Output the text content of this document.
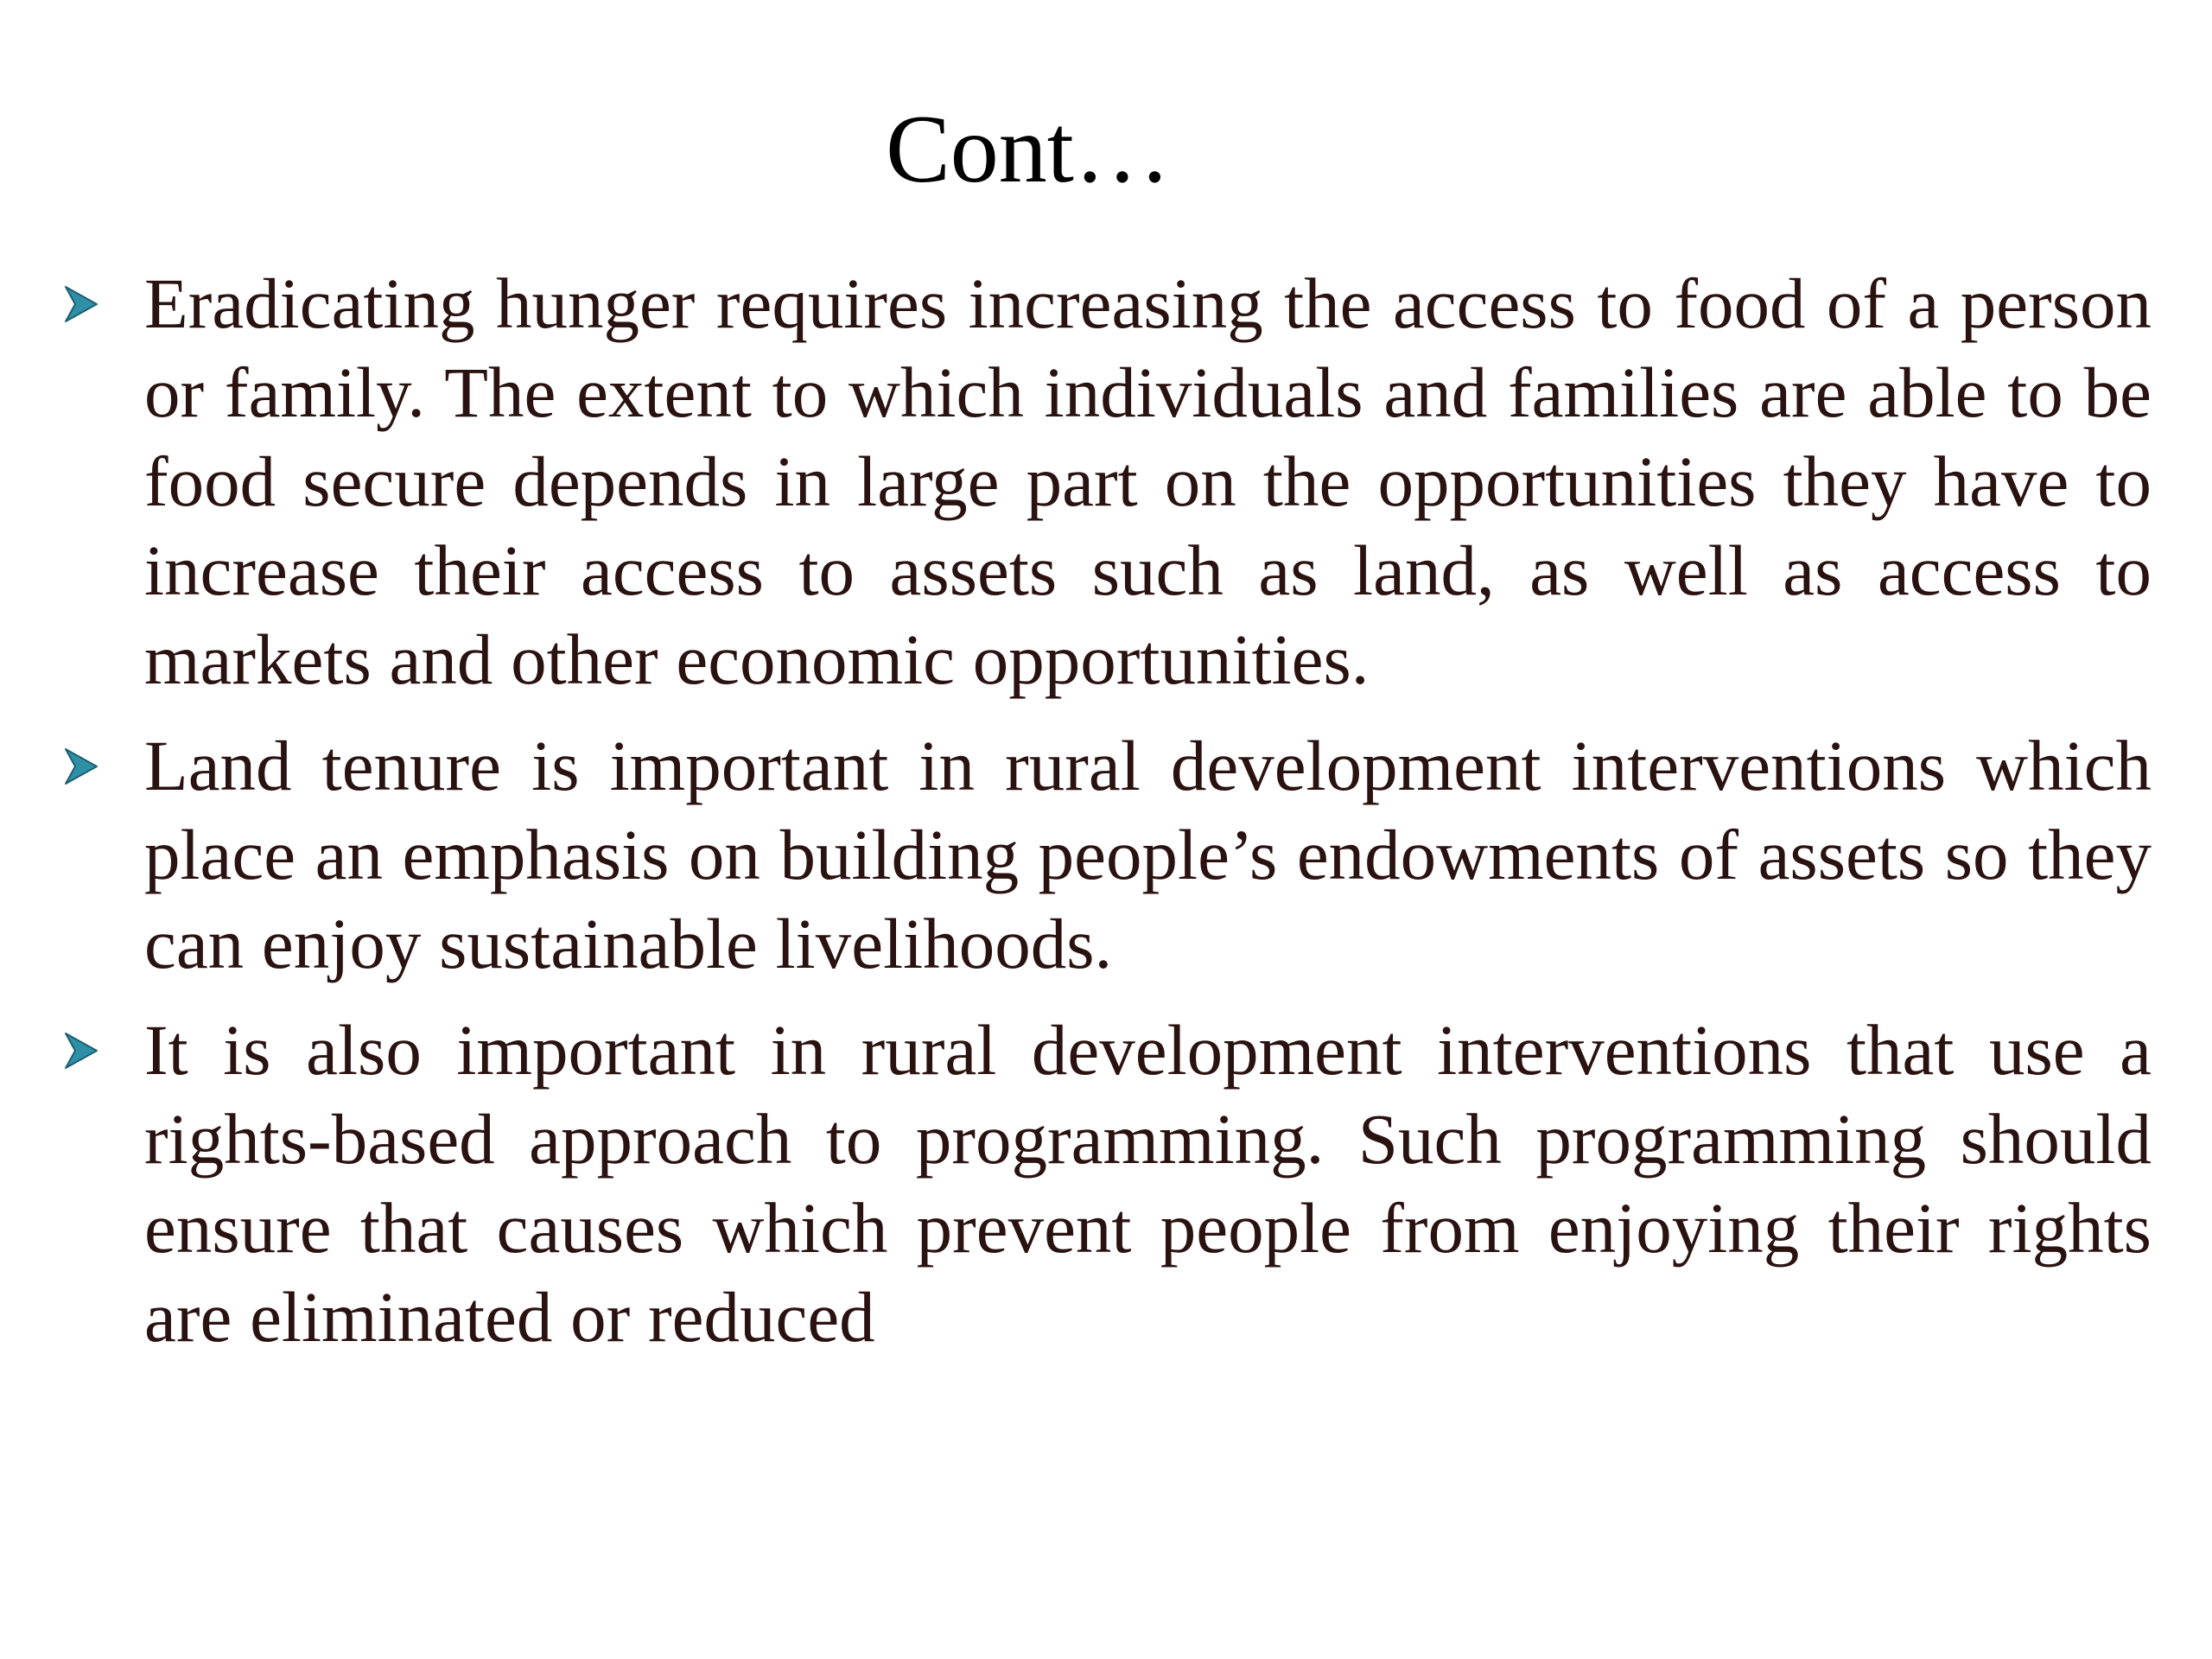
Cont…
Eradicating hunger requires increasing the access to food of a person or family. The extent to which individuals and families are able to be food secure depends in large part on the opportunities they have to increase their access to assets such as land, as well as access to markets and other economic opportunities.
Land tenure is important in rural development interventions which place an emphasis on building people’s endowments of assets so they can enjoy sustainable livelihoods.
It is also important in rural development interventions that use a rights-based approach to programming. Such programming should ensure that causes which prevent people from enjoying their rights are eliminated or reduced
